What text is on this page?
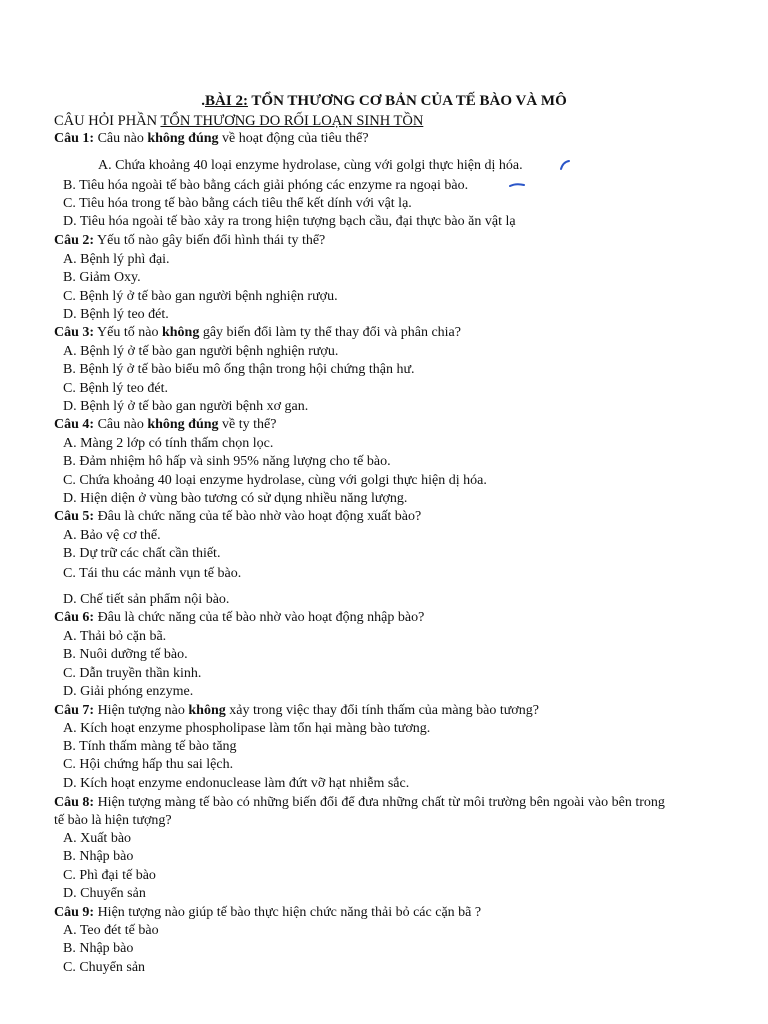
.BÀI 2: TỔN THƯƠNG CƠ BẢN CỦA TẾ BÀO VÀ MÔ
CÂU HỎI PHẦN TỔN THƯƠNG DO RỐI LOẠN SINH TỒN
Câu 1: Câu nào không đúng về hoạt động của tiêu thể?
A. Chứa khoảng 40 loại enzyme hydrolase, cùng với golgi thực hiện dị hóa.
B. Tiêu hóa ngoài tế bào bằng cách giải phóng các enzyme ra ngoại bào.
C. Tiêu hóa trong tế bào bằng cách tiêu thể kết dính với vật lạ.
D. Tiêu hóa ngoài tế bào xảy ra trong hiện tượng bạch cầu, đại thực bào ăn vật lạ
Câu 2: Yếu tố nào gây biến đổi hình thái ty thể?
A. Bệnh lý phì đại.
B. Giảm Oxy.
C. Bệnh lý ở tế bào gan người bệnh nghiện rượu.
D. Bệnh lý teo đét.
Câu 3: Yếu tố nào không gây biến đổi làm ty thể thay đổi và phân chia?
A. Bệnh lý ở tế bào gan người bệnh nghiện rượu.
B. Bệnh lý ở tế bào biểu mô ống thận trong hội chứng thận hư.
C. Bệnh lý teo đét.
D. Bệnh lý ở tế bào gan người bệnh xơ gan.
Câu 4: Câu nào không đúng về ty thể?
A. Màng 2 lớp có tính thấm chọn lọc.
B. Đảm nhiệm hô hấp và sinh 95% năng lượng cho tế bào.
C. Chứa khoảng 40 loại enzyme hydrolase, cùng với golgi thực hiện dị hóa.
D. Hiện diện ở vùng bào tương có sử dụng nhiều năng lượng.
Câu 5: Đâu là chức năng của tế bào nhờ vào hoạt động xuất bào?
A. Bảo vệ cơ thể.
B. Dự trữ các chất cần thiết.
C. Tái thu các mảnh vụn tế bào.
D. Chế tiết sản phẩm nội bào.
Câu 6: Đâu là chức năng của tế bào nhờ vào hoạt động nhập bào?
A. Thải bỏ cặn bã.
B. Nuôi dưỡng tế bào.
C. Dẫn truyền thần kinh.
D. Giải phóng enzyme.
Câu 7: Hiện tượng nào không xảy trong việc thay đổi tính thấm của màng bào tương?
A. Kích hoạt enzyme phospholipase làm tổn hại màng bào tương.
B. Tính thấm màng tế bào tăng
C. Hội chứng hấp thu sai lệch.
D. Kích hoạt enzyme endonuclease làm đứt vỡ hạt nhiễm sắc.
Câu 8: Hiện tượng màng tế bào có những biến đổi để đưa những chất từ môi trường bên ngoài vào bên trong
tế bào là hiện tượng?
A. Xuất bào
B. Nhập bào
C. Phì đại tế bào
D. Chuyển sản
Câu 9: Hiện tượng nào giúp tế bào thực hiện chức năng thải bỏ các cặn bã ?
A. Teo đét tế bào
B. Nhập bào
C. Chuyển sản
